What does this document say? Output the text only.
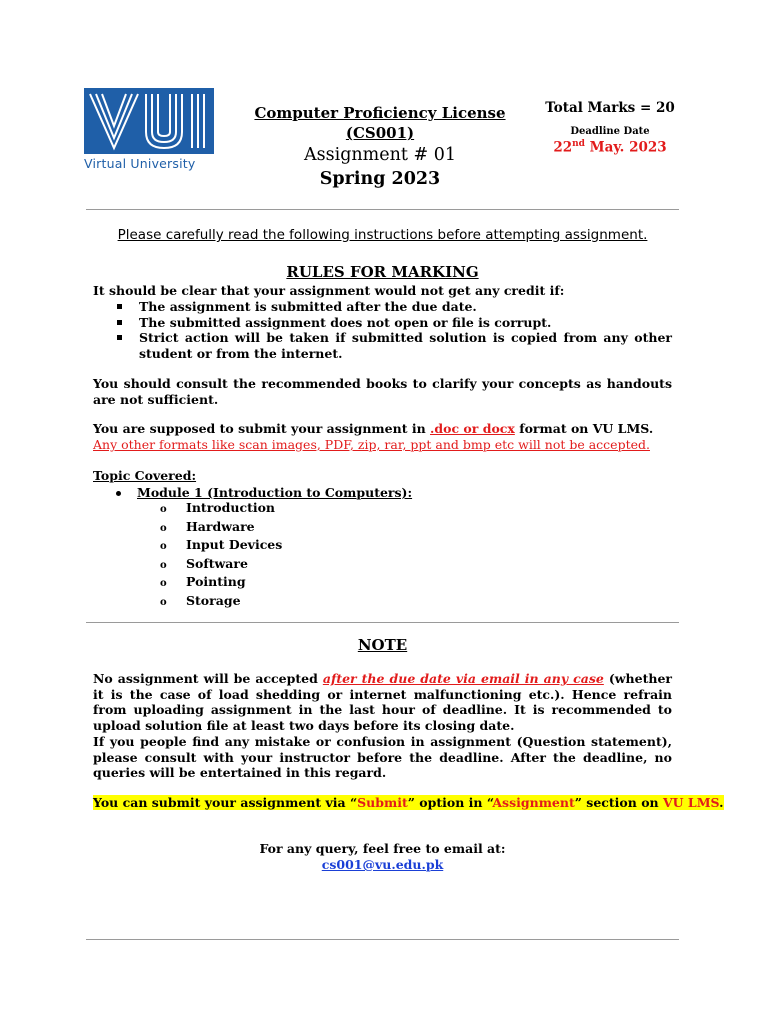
Virtual University
Computer Proficiency License
(CS001)
Assignment # 01
Spring 2023
Total Marks = 20
Deadline Date
22nd May. 2023
Please carefully read the following instructions before attempting assignment.
RULES FOR MARKING
It should be clear that your assignment would not get any credit if:
The assignment is submitted after the due date.
The submitted assignment does not open or file is corrupt.
Strict action will be taken if submitted solution is copied from any other student or from the internet.
You should consult the recommended books to clarify your concepts as handouts are not sufficient.
You are supposed to submit your assignment in .doc or docx format on VU LMS.
Any other formats like scan images, PDF, zip, rar, ppt and bmp etc will not be accepted.
Topic Covered:
Module 1 (Introduction to Computers):
o Introduction
o Hardware
o Input Devices
o Software
o Pointing
o Storage
NOTE
No assignment will be accepted after the due date via email in any case (whether it is the case of load shedding or internet malfunctioning etc.). Hence refrain from uploading assignment in the last hour of deadline. It is recommended to upload solution file at least two days before its closing date.
If you people find any mistake or confusion in assignment (Question statement), please consult with your instructor before the deadline. After the deadline, no queries will be entertained in this regard.
You can submit your assignment via “Submit” option in “Assignment” section on VU LMS.
For any query, feel free to email at:
cs001@vu.edu.pk
